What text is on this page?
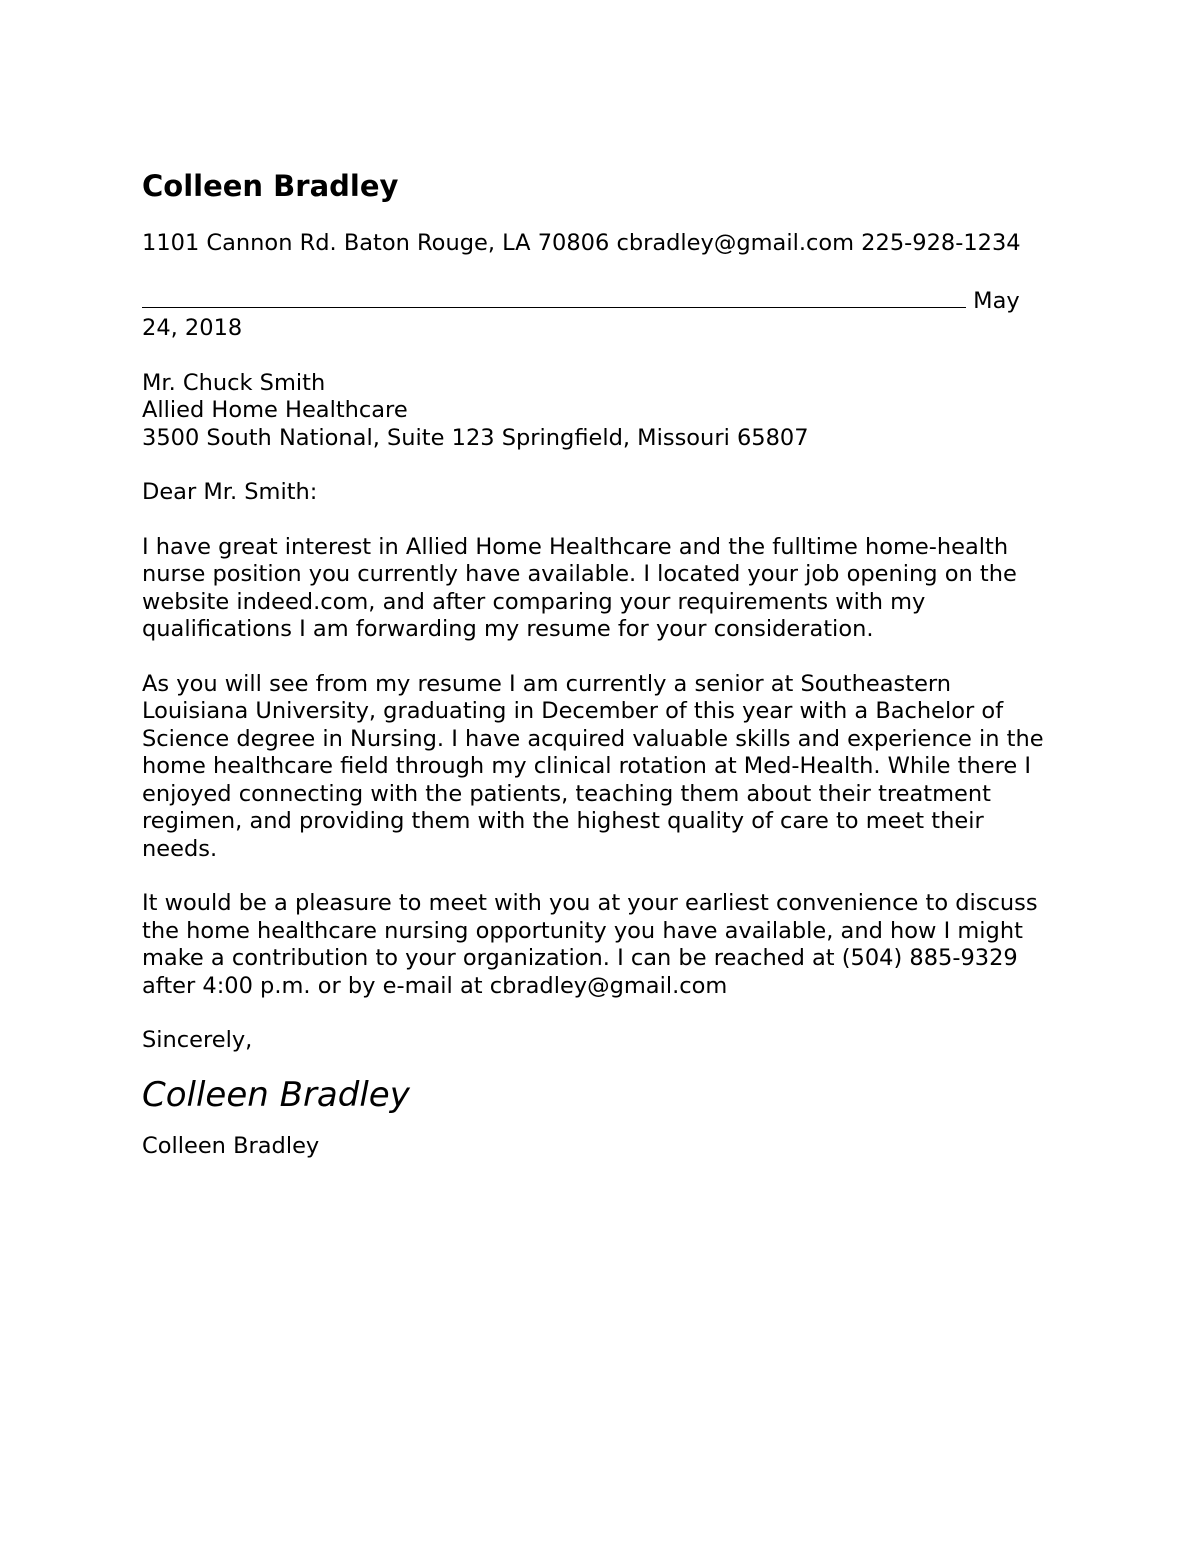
Colleen Bradley
1101 Cannon Rd. Baton Rouge, LA 70806 cbradley@gmail.com 225-928-1234
May 24, 2018
Mr. Chuck Smith
Allied Home Healthcare
3500 South National, Suite 123 Springfield, Missouri 65807
Dear Mr. Smith:
I have great interest in Allied Home Healthcare and the fulltime home-health nurse position you currently have available. I located your job opening on the website indeed.com, and after comparing your requirements with my qualifications I am forwarding my resume for your consideration.
As you will see from my resume I am currently a senior at Southeastern Louisiana University, graduating in December of this year with a Bachelor of Science degree in Nursing. I have acquired valuable skills and experience in the home healthcare field through my clinical rotation at Med-Health. While there I enjoyed connecting with the patients, teaching them about their treatment regimen, and providing them with the highest quality of care to meet their needs.
It would be a pleasure to meet with you at your earliest convenience to discuss the home healthcare nursing opportunity you have available, and how I might make a contribution to your organization. I can be reached at (504) 885-9329 after 4:00 p.m. or by e-mail at cbradley@gmail.com
Sincerely,
Colleen Bradley
Colleen Bradley
